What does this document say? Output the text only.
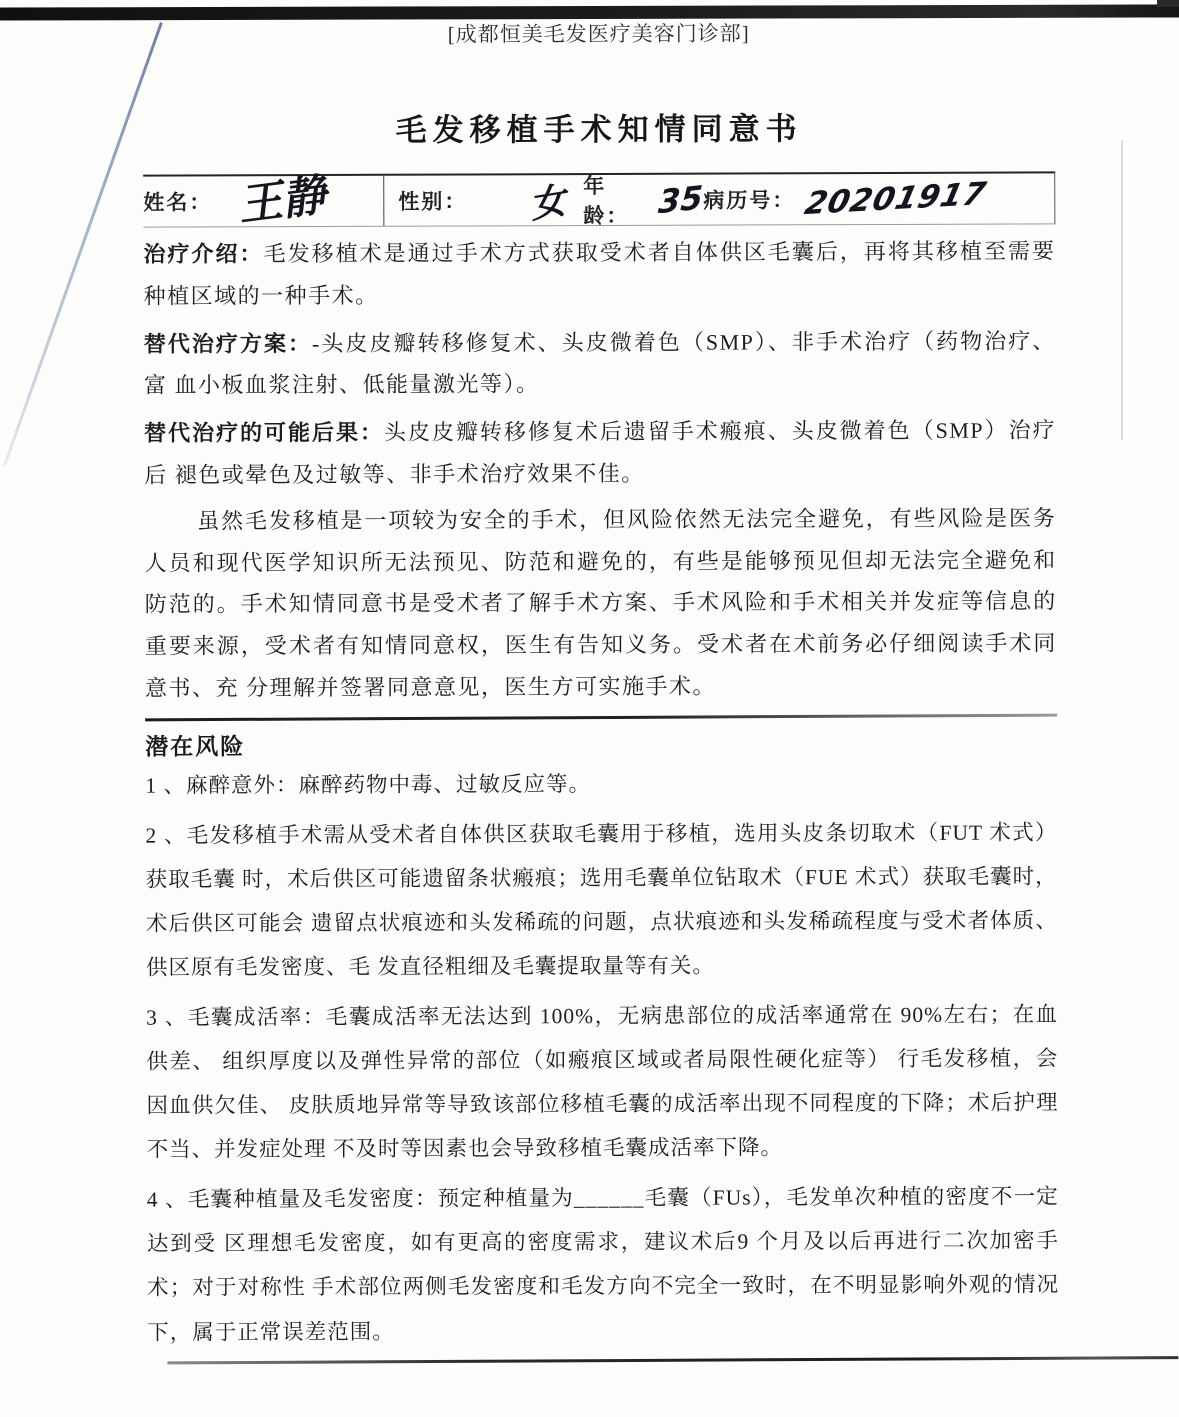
[成都恒美毛发医疗美容门诊部]
毛发移植手术知情同意书
姓名： 王静	性别： 女 年龄： 35
病历号： 20201917

治疗介绍：毛发移植术是通过手术方式获取受术者自体供区毛囊后，再将其移植至需要种植区域的一种手术。

替代治疗方案：-头皮皮瓣转移修复术、头皮微着色（SMP）、非手术治疗（药物治疗、富 血小板血浆注射、低能量激光等）。

替代治疗的可能后果：头皮皮瓣转移修复术后遗留手术瘢痕、头皮微着色（SMP）治疗后 褪色或晕色及过敏等、非手术治疗效果不佳。

虽然毛发移植是一项较为安全的手术，但风险依然无法完全避免，有些风险是医务人员和现代医学知识所无法预见、防范和避免的，有些是能够预见但却无法完全避免和防范的。手术知情同意书是受术者了解手术方案、手术风险和手术相关并发症等信息的重要来源，受术者有知情同意权，医生有告知义务。受术者在术前务必仔细阅读手术同意书、充 分理解并签署同意意见，医生方可实施手术。

潜在风险

1 、麻醉意外：麻醉药物中毒、过敏反应等。

2 、毛发移植手术需从受术者自体供区获取毛囊用于移植，选用头皮条切取术（FUT 术式）获取毛囊 时，术后供区可能遗留条状瘢痕；选用毛囊单位钻取术（FUE 术式）获取毛囊时，术后供区可能会 遗留点状痕迹和头发稀疏的问题，点状痕迹和头发稀疏程度与受术者体质、供区原有毛发密度、毛 发直径粗细及毛囊提取量等有关。

3 、毛囊成活率：毛囊成活率无法达到 100%，无病患部位的成活率通常在 90%左右；在血供差、 组织厚度以及弹性异常的部位（如瘢痕区域或者局限性硬化症等） 行毛发移植，会因血供欠佳、 皮肤质地异常等导致该部位移植毛囊的成活率出现不同程度的下降；术后护理不当、并发症处理 不及时等因素也会导致移植毛囊成活率下降。

4 、毛囊种植量及毛发密度：预定种植量为______毛囊（FUs），毛发单次种植的密度不一定达到受 区理想毛发密度，如有更高的密度需求，建议术后9 个月及以后再进行二次加密手术；对于对称性 手术部位两侧毛发密度和毛发方向不完全一致时，在不明显影响外观的情况下，属于正常误差范围。
